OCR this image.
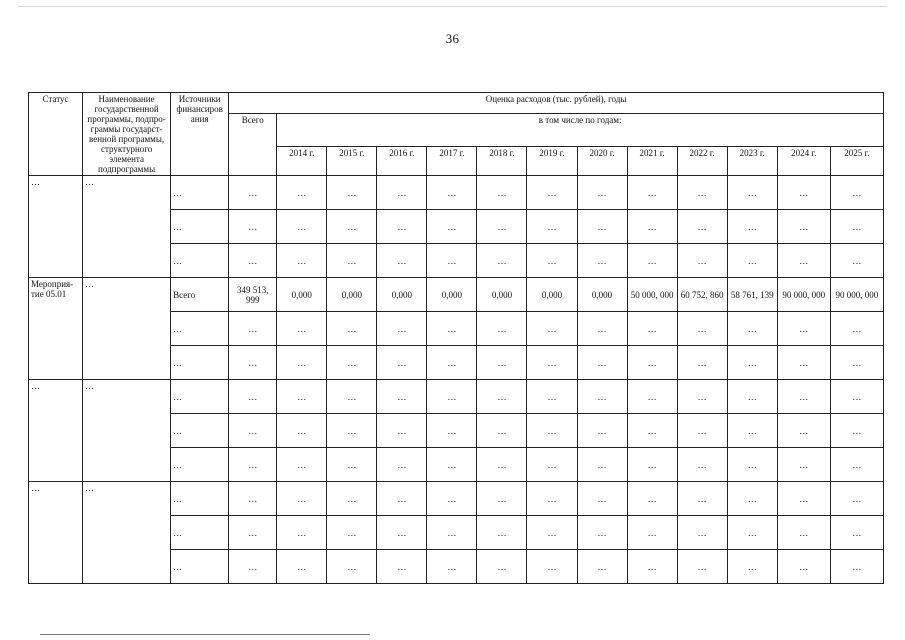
36
Статус	Наименование государственной программы, подпрограммы государственной программы, структурного элемента подпрограммы	Источники финансирования	Оценка расходов (тыс. рублей), годы												
			Всего	в том числе по годам:											
				2014 г.	2015 г.	2016 г.	2017 г.	2018 г.	2019 г.	2020 г.	2021 г.	2022 г.	2023 г.	2024 г.	2025 г.
…	…	…	…	…	…	…	…	…	…	…	…	…	…	…	…
		…	…	…	…	…	…	…	…	…	…	…	…	…	…
		…	…	…	…	…	…	…	…	…	…	…	…	…	…
Мероприятие 05.01	…	Всего	349 513, 999	0,000	0,000	0,000	0,000	0,000	0,000	0,000	50 000, 000	60 752, 860	58 761, 139	90 000, 000	90 000, 000
		…	…	…	…	…	…	…	…	…	…	…	…	…	…
		…	…	…	…	…	…	…	…	…	…	…	…	…	…
…	…	…	…	…	…	…	…	…	…	…	…	…	…	…	…
		…	…	…	…	…	…	…	…	…	…	…	…	…	…
		…	…	…	…	…	…	…	…	…	…	…	…	…	…
…	…	…	…	…	…	…	…	…	…	…	…	…	…	…	…
		…	…	…	…	…	…	…	…	…	…	…	…	…	…
		…	…	…	…	…	…	…	…	…	…	…	…	…	…
